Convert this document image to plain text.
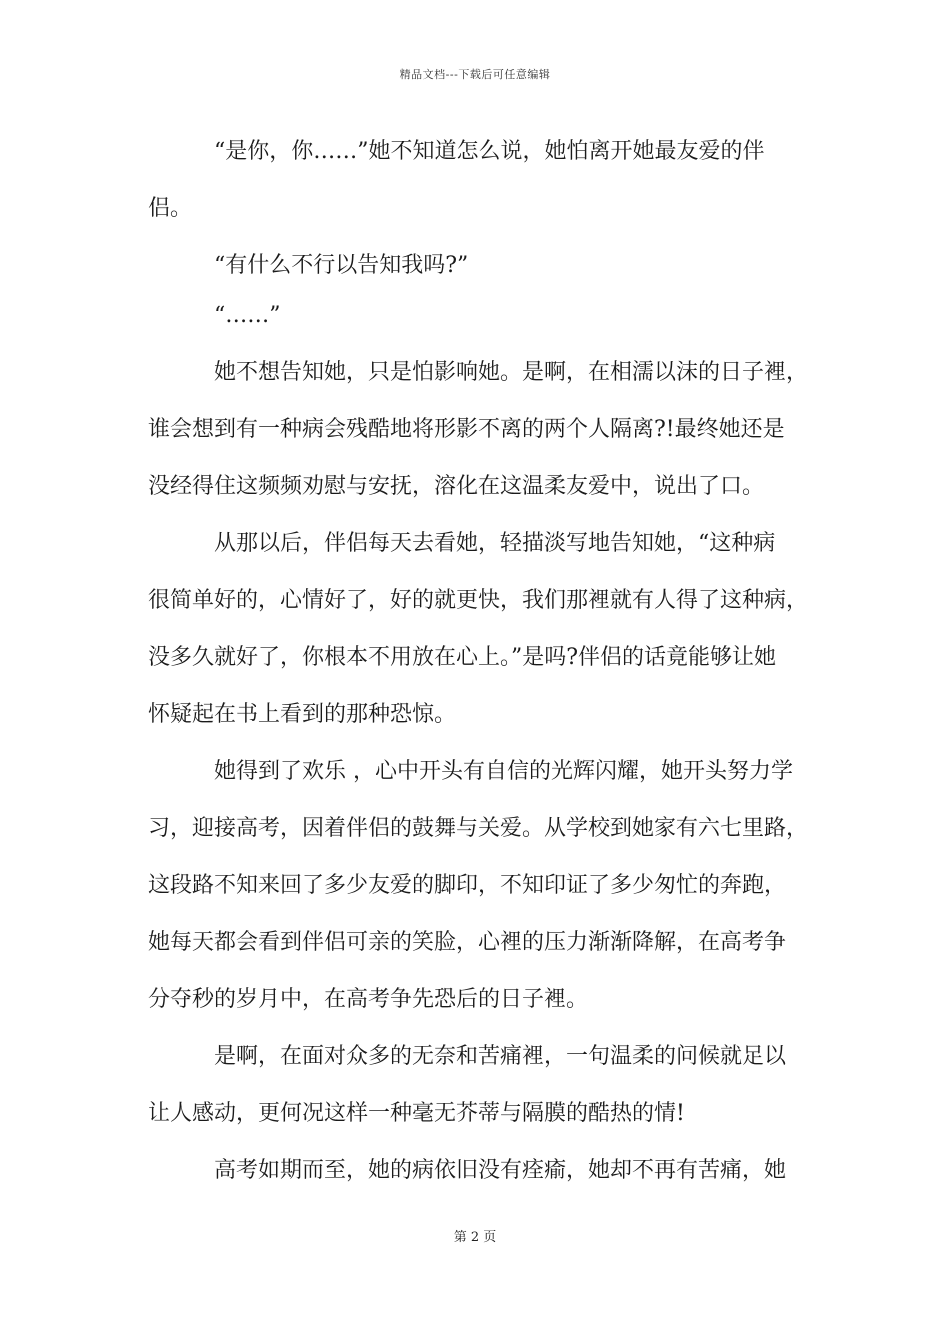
精品文档---下载后可任意编辑
“是你，你……”她不知道怎么说，她怕离开她最友爱的伴
侣。
“有什么不行以告知我吗?”
“……”
她不想告知她，只是怕影响她。是啊，在相濡以沫的日子裡，
谁会想到有一种病会残酷地将形影不离的两个人隔离?!最终她还是
没经得住这频频劝慰与安抚，溶化在这温柔友爱中，说出了口。
从那以后，伴侣每天去看她，轻描淡写地告知她，“这种病
很简单好的，心情好了，好的就更快，我们那裡就有人得了这种病，
没多久就好了，你根本不用放在心上。”是吗?伴侣的话竟能够让她
怀疑起在书上看到的那种恐惊。
她得到了欢乐 ，心中开头有自信的光辉闪耀，她开头努力学
习，迎接高考，因着伴侣的鼓舞与关爱。从学校到她家有六七里路，
这段路不知来回了多少友爱的脚印，不知印证了多少匆忙的奔跑，
她每天都会看到伴侣可亲的笑脸，心裡的压力渐渐降解，在高考争
分夺秒的岁月中，在高考争先恐后的日子裡。
是啊，在面对众多的无奈和苦痛裡，一句温柔的问候就足以
让人感动，更何况这样一种毫无芥蒂与隔膜的酷热的情!
高考如期而至，她的病依旧没有痊瘉，她却不再有苦痛，她
第 2 页
